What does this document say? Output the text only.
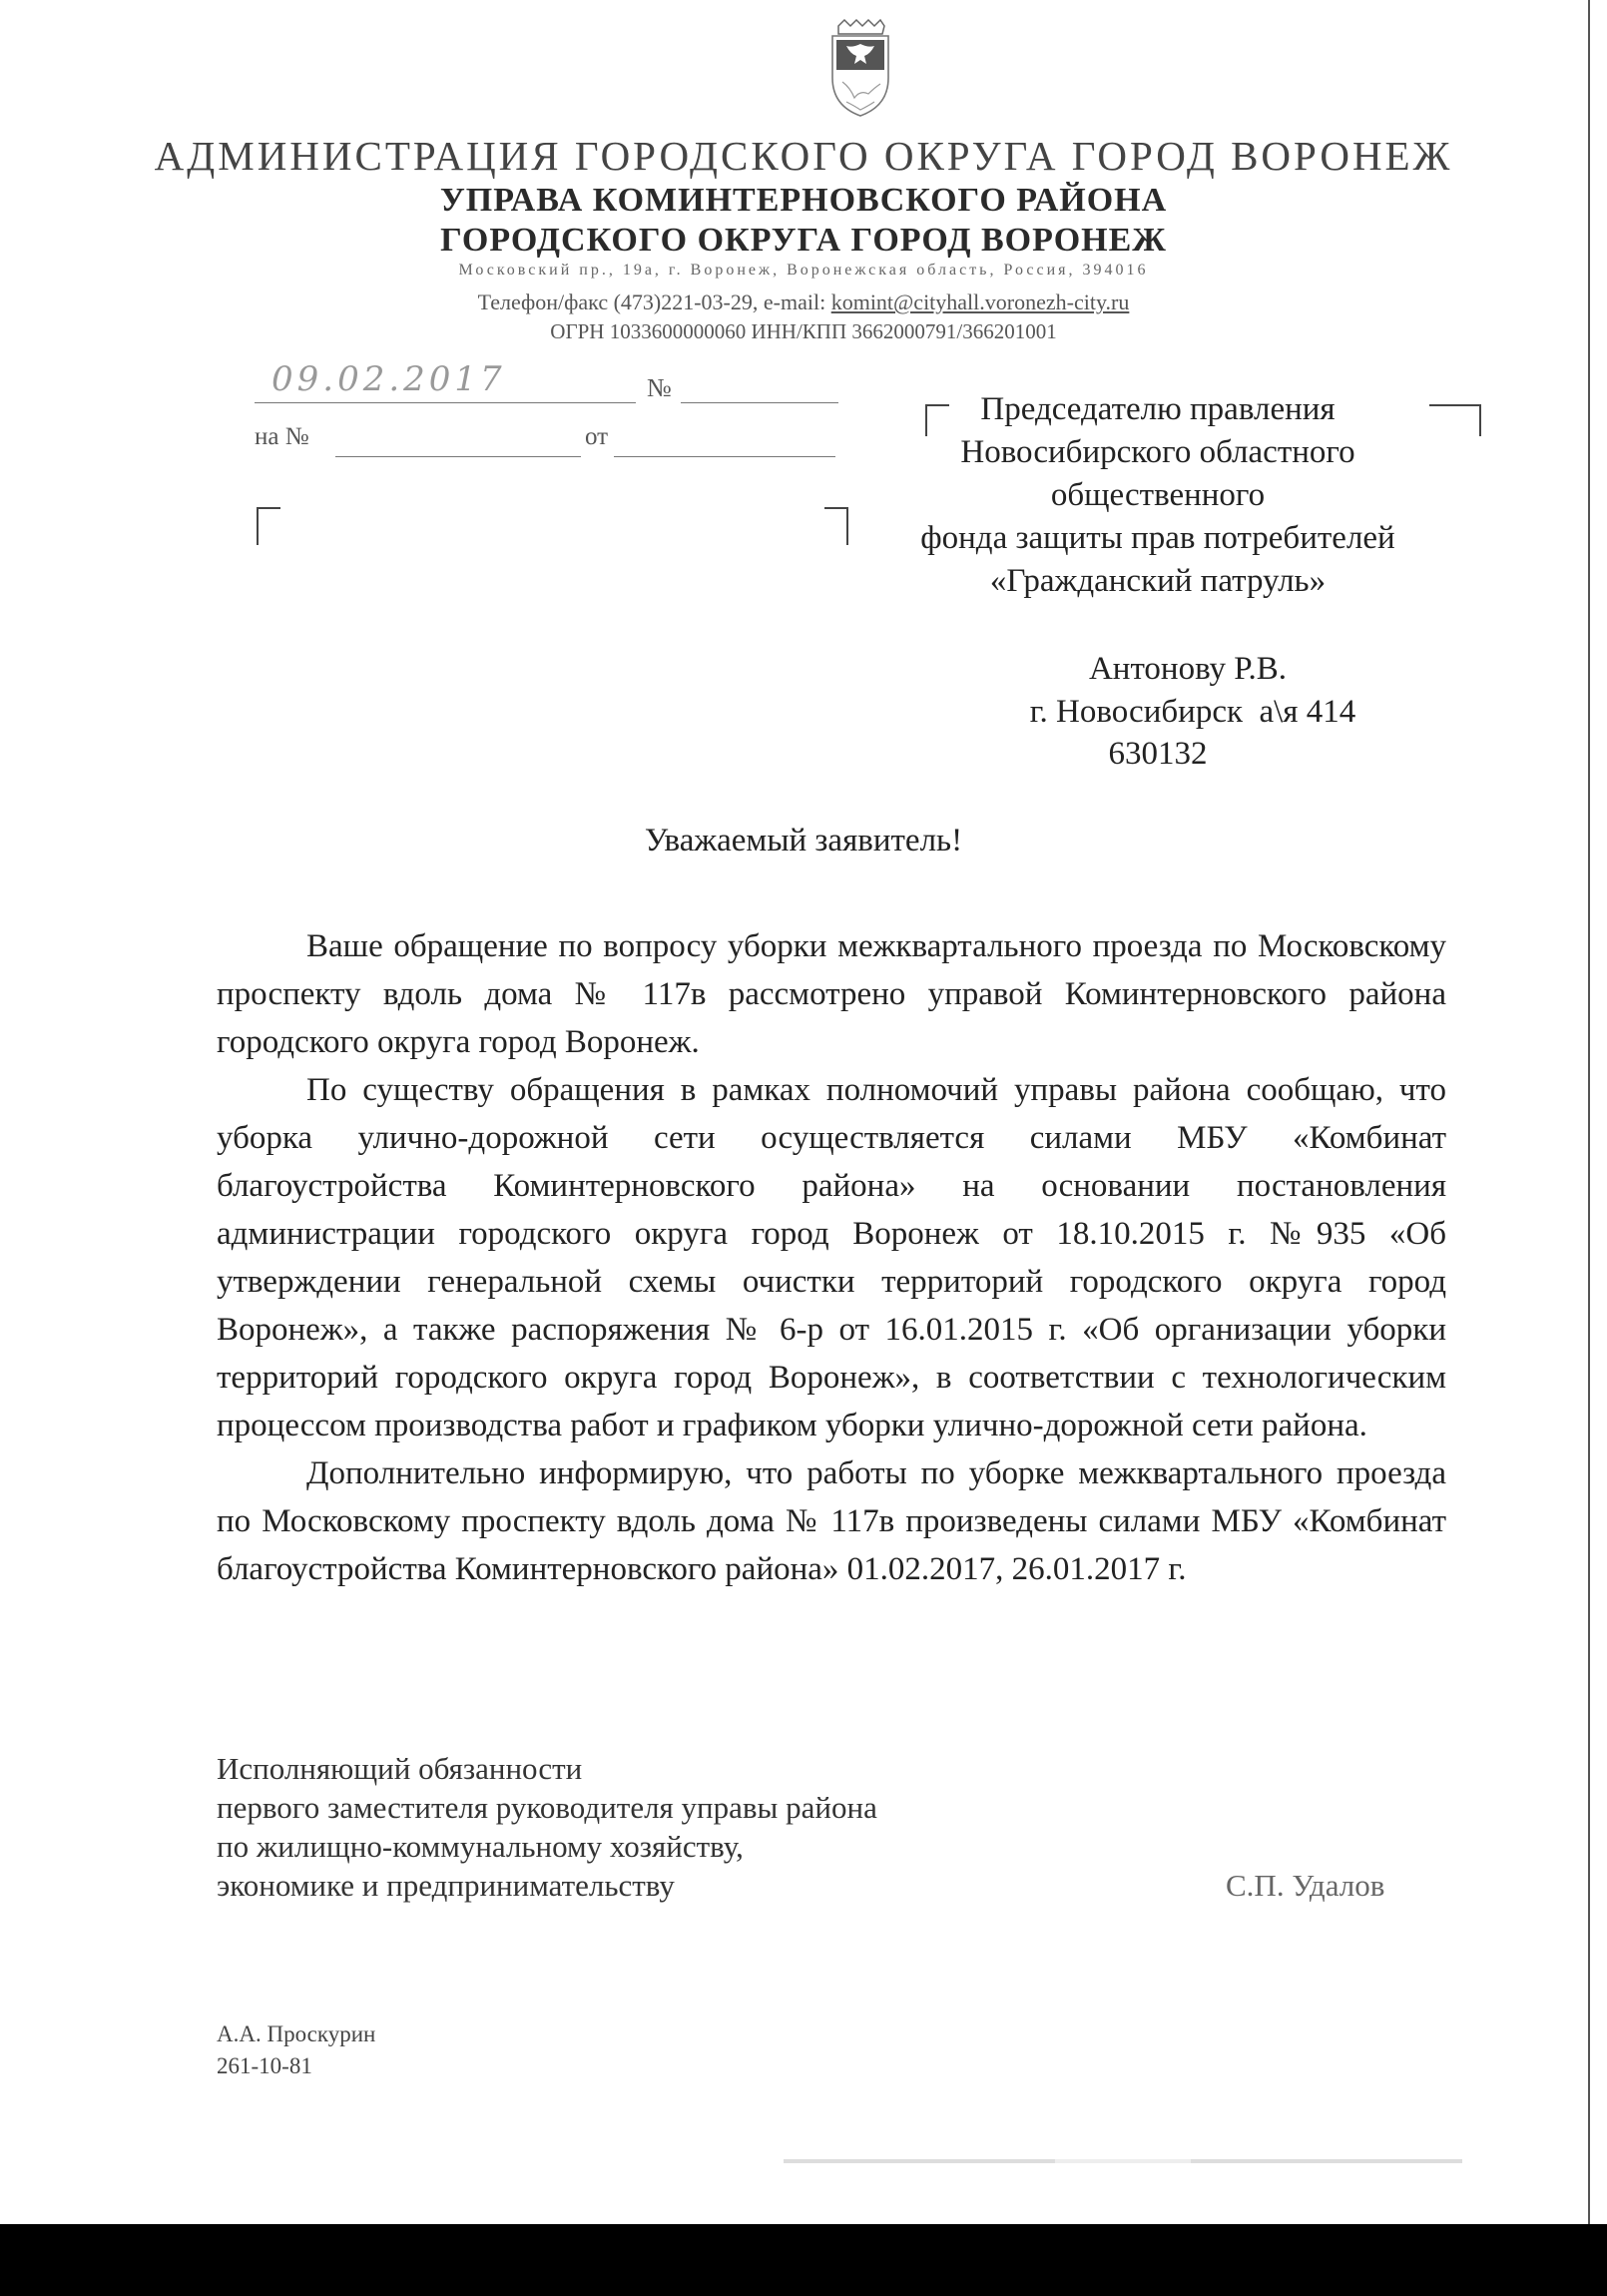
АДМИНИСТРАЦИЯ ГОРОДСКОГО ОКРУГА ГОРОД ВОРОНЕЖ
УПРАВА КОМИНТЕРНОВСКОГО РАЙОНА
ГОРОДСКОГО ОКРУГА ГОРОД ВОРОНЕЖ
Московский пр., 19а, г. Воронеж, Воронежская область, Россия, 394016
Телефон/факс (473)221-03-29, e-mail: komint@cityhall.voronezh-city.ru
ОГРН 1033600000060 ИНН/КПП 3662000791/366201001
09.02.2017	№
на №	от
Председателю правления
Новосибирского областного
общественного
фонда защиты прав потребителей
«Гражданский патруль»
Антонову Р.В.
г. Новосибирск  а\я 414
630132
Уважаемый заявитель!

Ваше обращение по вопросу уборки межквартального проезда по Московскому проспекту вдоль дома № 117в рассмотрено управой Коминтерновского района городского округа город Воронеж.

По существу обращения в рамках полномочий управы района сообщаю, что уборка улично-дорожной сети осуществляется силами МБУ «Комбинат благоустройства Коминтерновского района» на основании постановления администрации городского округа город Воронеж от 18.10.2015 г. №935 «Об утверждении генеральной схемы очистки территорий городского округа город Воронеж», а также распоряжения № 6-р от 16.01.2015 г. «Об организации уборки территорий городского округа город Воронеж», в соответствии с технологическим процессом производства работ и графиком уборки улично-дорожной сети района.

Дополнительно информирую, что работы по уборке межквартального проезда по Московскому проспекту вдоль дома № 117в произведены силами МБУ «Комбинат благоустройства Коминтерновского района» 01.02.2017, 26.01.2017 г.

Исполняющий обязанности
первого заместителя руководителя управы района
по жилищно-коммунальному хозяйству,
экономике и предпринимательству	С.П. Удалов
А.А. Проскурин
261-10-81
